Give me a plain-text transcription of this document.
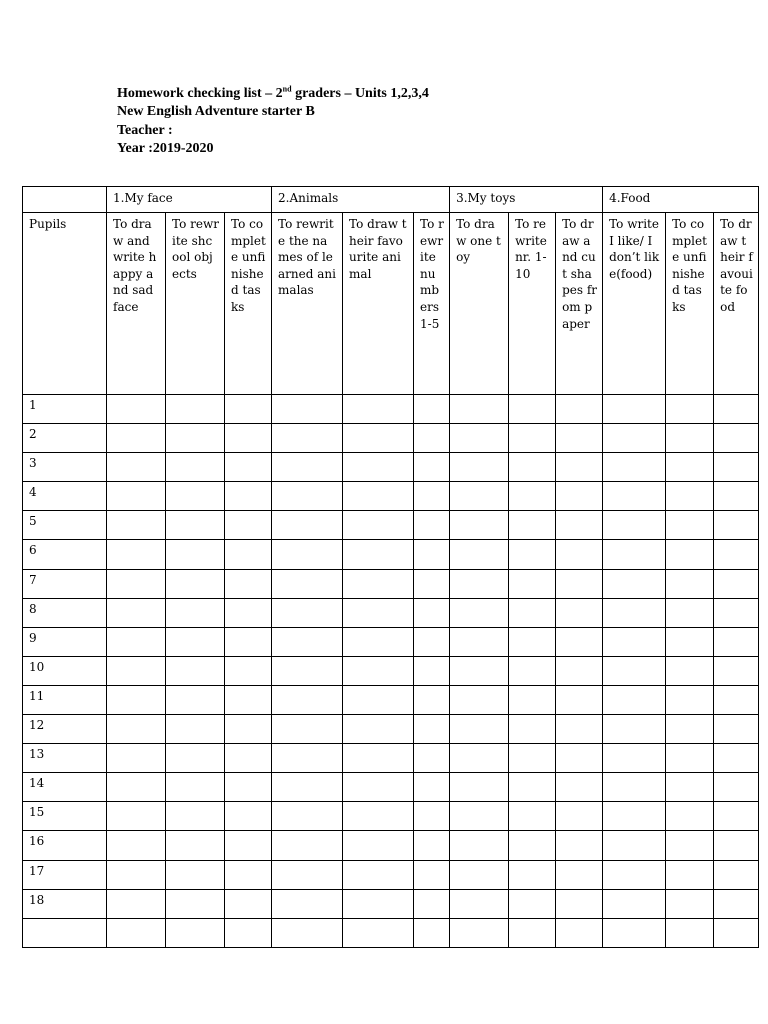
Homework checking list – 2nd graders – Units 1,2,3,4
New English Adventure starter B
Teacher :
Year :2019-2020
	1.My face			2.Animals			3.My toys			4.Food		
Pupils	To draw and write happy and sad face	To rewrite shcool objects	To complete unfinished tasks	To rewrite the names of learned animalas	To draw their favourite animal	To rewrite numbers 1-5	To draw one toy	To rewrite nr. 1-10	To draw and cut shapes from paper	To write I like/ I don’t like(food)	To complete unfinished tasks	To draw their favouite food
1												
2												
3												
4												
5												
6												
7												
8												
9												
10												
11												
12												
13												
14												
15												
16												
17												
18												
